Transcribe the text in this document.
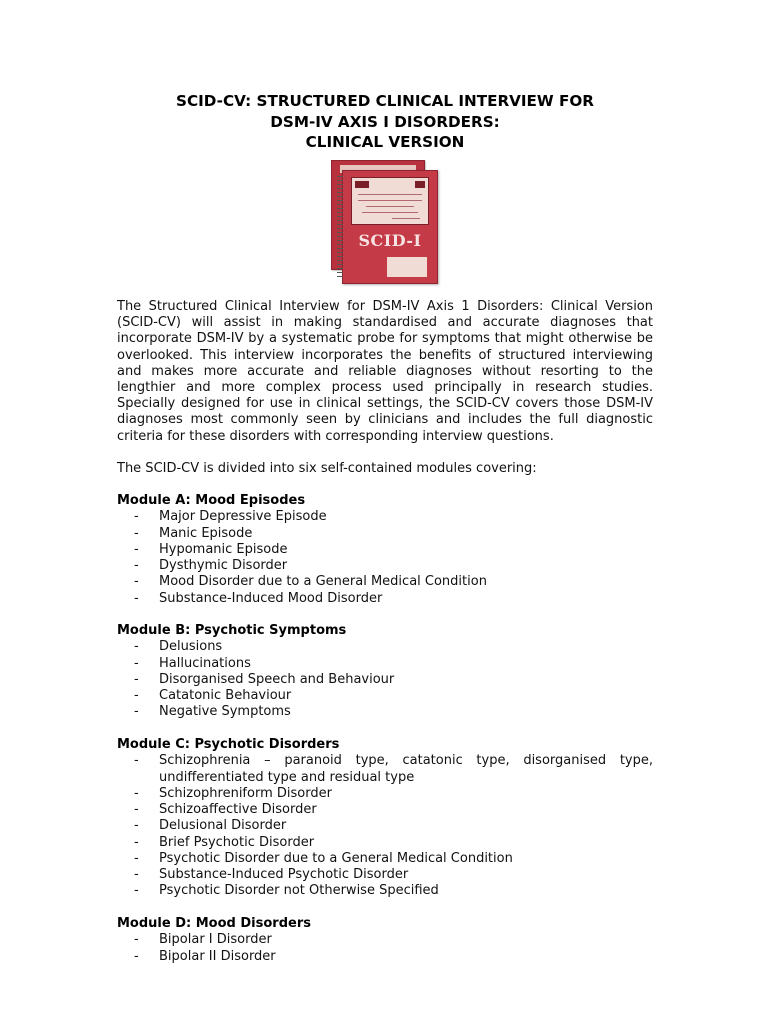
SCID-CV: STRUCTURED CLINICAL INTERVIEW FOR
DSM-IV AXIS I DISORDERS:
CLINICAL VERSION
SCID-I
The Structured Clinical Interview for DSM-IV Axis 1 Disorders: Clinical Version
(SCID-CV) will assist in making standardised and accurate diagnoses that
incorporate DSM-IV by a systematic probe for symptoms that might otherwise be
overlooked. This interview incorporates the benefits of structured interviewing
and makes more accurate and reliable diagnoses without resorting to the
lengthier and more complex process used principally in research studies.
Specially designed for use in clinical settings, the SCID-CV covers those DSM-IV
diagnoses most commonly seen by clinicians and includes the full diagnostic
criteria for these disorders with corresponding interview questions.
The SCID-CV is divided into six self-contained modules covering:
Module A: Mood Episodes
- Major Depressive Episode
- Manic Episode
- Hypomanic Episode
- Dysthymic Disorder
- Mood Disorder due to a General Medical Condition
- Substance-Induced Mood Disorder
Module B: Psychotic Symptoms
- Delusions
- Hallucinations
- Disorganised Speech and Behaviour
- Catatonic Behaviour
- Negative Symptoms
Module C: Psychotic Disorders
- Schizophrenia – paranoid type, catatonic type, disorganised type,
undifferentiated type and residual type
- Schizophreniform Disorder
- Schizoaffective Disorder
- Delusional Disorder
- Brief Psychotic Disorder
- Psychotic Disorder due to a General Medical Condition
- Substance-Induced Psychotic Disorder
- Psychotic Disorder not Otherwise Specified
Module D: Mood Disorders
- Bipolar I Disorder
- Bipolar II Disorder
